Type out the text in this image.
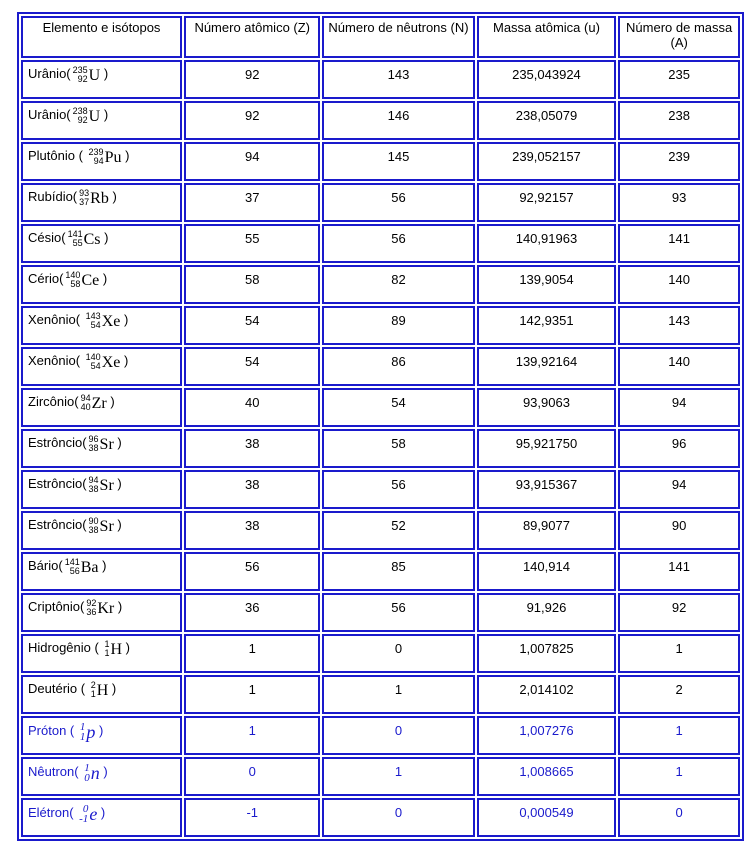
Elemento e isótopos	Número atômico (Z)	Número de nêutrons (N)	Massa atômica (u)	Número de massa (A)
Urânio( 235
92 U )	92	143	235,043924	235
Urânio( 238
92 U )	92	146	238,05079	238
Plutônio ( 239
94 Pu )	94	145	239,052157	239
Rubídio( 93
37 Rb )	37	56	92,92157	93
Césio( 141
55 Cs )	55	56	140,91963	141
Cério( 140
58 Ce )	58	82	139,9054	140
Xenônio( 143
54 Xe )	54	89	142,9351	143
Xenônio( 140
54 Xe )	54	86	139,92164	140
Zircônio( 94
40 Zr )	40	54	93,9063	94
Estrôncio( 96
38 Sr )	38	58	95,921750	96
Estrôncio( 94
38 Sr )	38	56	93,915367	94
Estrôncio( 90
38 Sr )	38	52	89,9077	90
Bário( 141
56 Ba )	56	85	140,914	141
Criptônio( 92
36 Kr )	36	56	91,926	92
Hidrogênio ( 1
1 H )	1	0	1,007825	1
Deutério ( 2
1 H )	1	1	2,014102	2
Próton ( 1
1 p )	1	0	1,007276	1
Nêutron( 1
0 n )	0	1	1,008665	1
Elétron( 0
-1 e )	-1	0	0,000549	0
